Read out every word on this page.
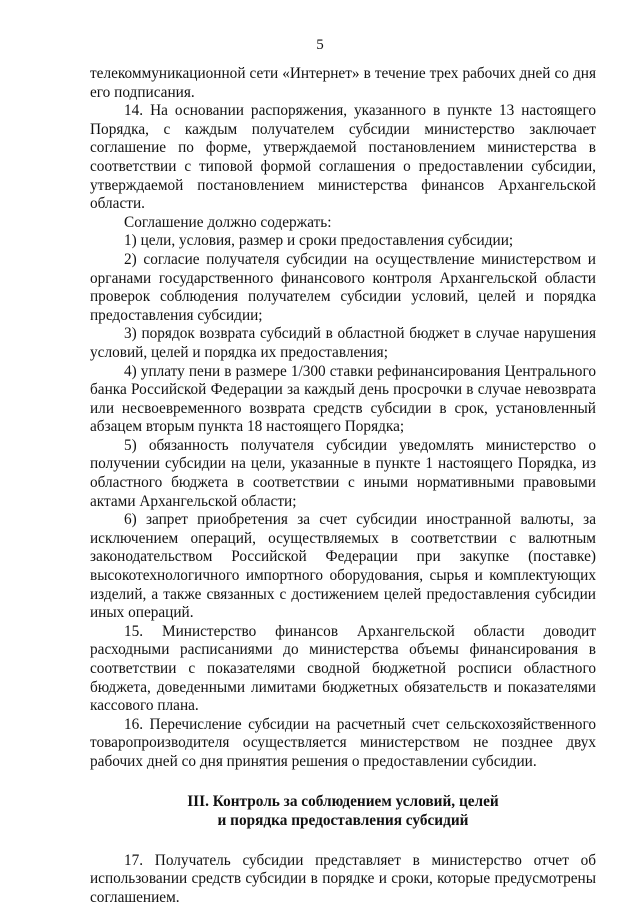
5

телекоммуникационной сети «Интернет» в течение трех рабочих дней со дня его подписания.

14. На основании распоряжения, указанного в пункте 13 настоящего Порядка, с каждым получателем субсидии министерство заключает соглашение по форме, утверждаемой постановлением министерства в соответствии с типовой формой соглашения о предоставлении субсидии, утверждаемой постановлением министерства финансов Архангельской области.

Соглашение должно содержать:

1) цели, условия, размер и сроки предоставления субсидии;

2) согласие получателя субсидии на осуществление министерством и органами государственного финансового контроля Архангельской области проверок соблюдения получателем субсидии условий, целей и порядка предоставления субсидии;

3) порядок возврата субсидий в областной бюджет в случае нарушения условий, целей и порядка их предоставления;

4) уплату пени в размере 1/300 ставки рефинансирования Центрального банка Российской Федерации за каждый день просрочки в случае невозврата или несвоевременного возврата средств субсидии в срок, установленный абзацем вторым пункта 18 настоящего Порядка;

5) обязанность получателя субсидии уведомлять министерство о получении субсидии на цели, указанные в пункте 1 настоящего Порядка, из областного бюджета в соответствии с иными нормативными правовыми актами Архангельской области;

6) запрет приобретения за счет субсидии иностранной валюты, за исключением операций, осуществляемых в соответствии с валютным законодательством Российской Федерации при закупке (поставке) высокотехнологичного импортного оборудования, сырья и комплектующих изделий, а также связанных с достижением целей предоставления субсидии иных операций.

15. Министерство финансов Архангельской области доводит расходными расписаниями до министерства объемы финансирования в соответствии с показателями сводной бюджетной росписи областного бюджета, доведенными лимитами бюджетных обязательств и показателями кассового плана.

16. Перечисление субсидии на расчетный счет сельскохозяйственного товаропроизводителя осуществляется министерством не позднее двух рабочих дней со дня принятия решения о предоставлении субсидии.

III. Контроль за соблюдением условий, целей
и порядка предоставления субсидий

17. Получатель субсидии представляет в министерство отчет об использовании средств субсидии в порядке и сроки, которые предусмотрены соглашением.
